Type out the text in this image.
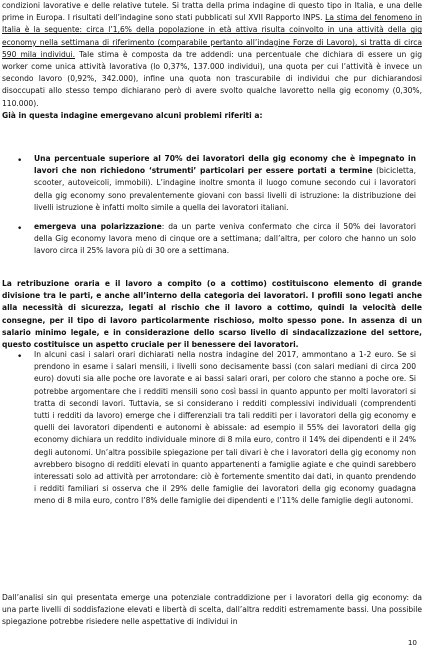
condizioni lavorative e delle relative tutele. Si tratta della prima indagine di questo tipo in Italia, e una delle prime in Europa. I risultati dell’indagine sono stati pubblicati sul XVII Rapporto INPS. La stima del fenomeno in Italia è la seguente: circa l’1,6% della popolazione in età attiva risulta coinvolto in una attività della gig economy nella settimana di riferimento (comparabile pertanto all’indagine Forze di Lavoro), si tratta di circa 590 mila individui. Tale stima è composta da tre addendi: una percentuale che dichiara di essere un gig worker come unica attività lavorativa (lo 0,37%, 137.000 individui), una quota per cui l’attività è invece un secondo lavoro (0,92%, 342.000), infine una quota non trascurabile di individui che pur dichiarandosi disoccupati allo stesso tempo dichiarano però di avere svolto qualche lavoretto nella gig economy (0,30%, 110.000).
Già in questa indagine emergevano alcuni problemi riferiti a:
• Una percentuale superiore al 70% dei lavoratori della gig economy che è impegnato in lavori che non richiedono ‘strumenti’ particolari per essere portati a termine (bicicletta, scooter, autoveicoli, immobili). L’indagine inoltre smonta il luogo comune secondo cui i lavoratori della gig economy sono prevalentemente giovani con bassi livelli di istruzione: la distribuzione dei livelli istruzione è infatti molto simile a quella dei lavoratori italiani.
• emergeva una polarizzazione: da un parte veniva confermato che circa il 50% dei lavoratori della Gig economy lavora meno di cinque ore a settimana; dall’altra, per coloro che hanno un solo lavoro circa il 25% lavora più di 30 ore a settimana.
La retribuzione oraria e il lavoro a compito (o a cottimo) costituiscono elemento di grande divisione tra le parti, e anche all’interno della categoria dei lavoratori. I profili sono legati anche alla necessità di sicurezza, legati al rischio che il lavoro a cottimo, quindi la velocità delle consegne, per il tipo di lavoro particolarmente rischioso, molto spesso pone. In assenza di un salario minimo legale, e in considerazione dello scarso livello di sindacalizzazione del settore, questo costituisce un aspetto cruciale per il benessere dei lavoratori.
• In alcuni casi i salari orari dichiarati nella nostra indagine del 2017, ammontano a 1-2 euro. Se si prendono in esame i salari mensili, i livelli sono decisamente bassi (con salari mediani di circa 200 euro) dovuti sia alle poche ore lavorate e ai bassi salari orari, per coloro che stanno a poche ore. Si potrebbe argomentare che i redditi mensili sono così bassi in quanto appunto per molti lavoratori si tratta di secondi lavori. Tuttavia, se si considerano i redditi complessivi individuali (comprendenti tutti i redditi da lavoro) emerge che i differenziali tra tali redditi per i lavoratori della gig economy e quelli dei lavoratori dipendenti e autonomi è abissale: ad esempio il 55% dei lavoratori della gig economy dichiara un reddito individuale minore di 8 mila euro, contro il 14% dei dipendenti e il 24% degli autonomi. Un’altra possibile spiegazione per tali divari è che i lavoratori della gig economy non avrebbero bisogno di redditi elevati in quanto appartenenti a famiglie agiate e che quindi sarebbero interessati solo ad attività per arrotondare: ciò è fortemente smentito dai dati, in quanto prendendo i redditi familiari si osserva che il 29% delle famiglie dei lavoratori della gig economy guadagna meno di 8 mila euro, contro l’8% delle famiglie dei dipendenti e l’11% delle famiglie degli autonomi.
Dall’analisi sin qui presentata emerge una potenziale contraddizione per i lavoratori della gig economy: da una parte livelli di soddisfazione elevati e libertà di scelta, dall’altra redditi estremamente bassi. Una possibile spiegazione potrebbe risiedere nelle aspettative di individui in
10
